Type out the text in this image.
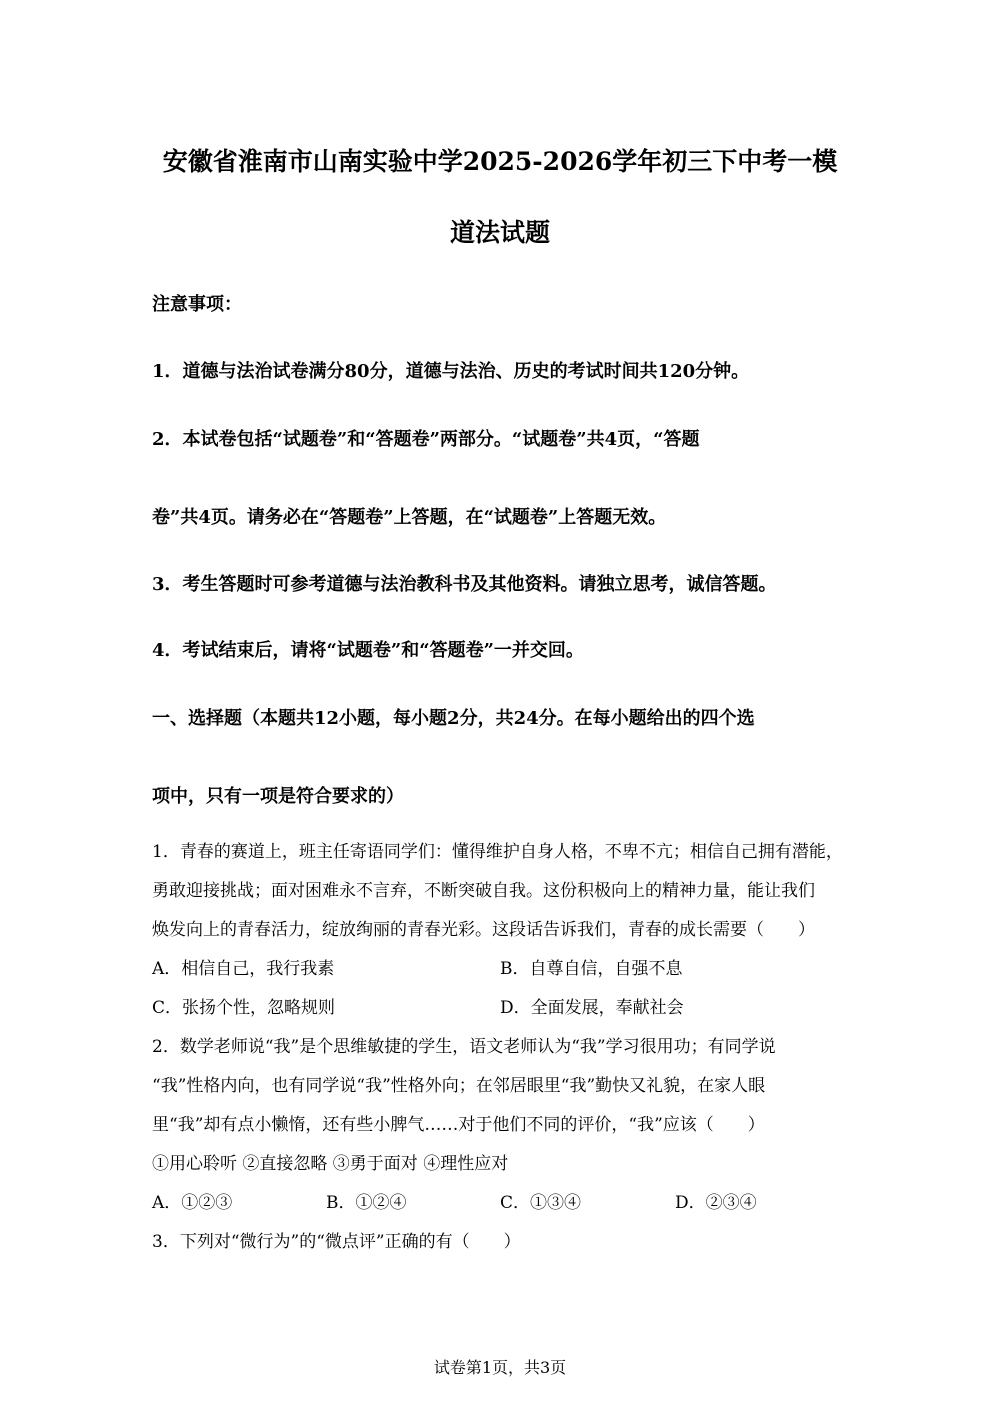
安徽省淮南市山南实验中学2025-2026学年初三下中考一模
道法试题
注意事项：
1．道德与法治试卷满分80分，道德与法治、历史的考试时间共120分钟。
2．本试卷包括“试题卷”和“答题卷”两部分。“试题卷”共4页，“答题
卷”共4页。请务必在“答题卷”上答题，在“试题卷”上答题无效。
3．考生答题时可参考道德与法治教科书及其他资料。请独立思考，诚信答题。
4．考试结束后，请将“试题卷”和“答题卷”一并交回。
一、选择题（本题共12小题，每小题2分，共24分。在每小题给出的四个选
项中，只有一项是符合要求的）
1．青春的赛道上，班主任寄语同学们：懂得维护自身人格，不卑不亢；相信自己拥有潜能，
勇敢迎接挑战；面对困难永不言弃，不断突破自我。这份积极向上的精神力量，能让我们
焕发向上的青春活力，绽放绚丽的青春光彩。这段话告诉我们，青春的成长需要（　　）
A．相信自己，我行我素	B．自尊自信，自强不息
C．张扬个性，忽略规则	D．全面发展，奉献社会
2．数学老师说“我”是个思维敏捷的学生，语文老师认为“我”学习很用功；有同学说
“我”性格内向，也有同学说“我”性格外向；在邻居眼里“我”勤快又礼貌，在家人眼
里“我”却有点小懒惰，还有些小脾气……对于他们不同的评价，“我”应该（　　）
①用心聆听 ②直接忽略 ③勇于面对 ④理性应对
A．①②③	B．①②④	C．①③④	D．②③④
3．下列对“微行为”的“微点评”正确的有（　　）
试卷第1页，共3页
